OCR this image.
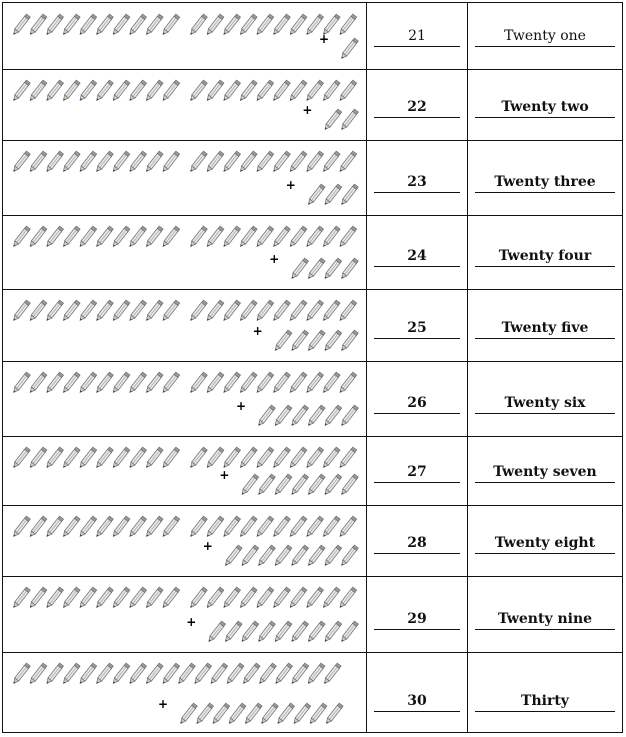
+	21	Twenty one
+	22	Twenty two
+	23	Twenty three
+	24	Twenty four
+	25	Twenty five
+	26	Twenty six
+	27	Twenty seven
+	28	Twenty eight
+	29	Twenty nine
+	30	Thirty
